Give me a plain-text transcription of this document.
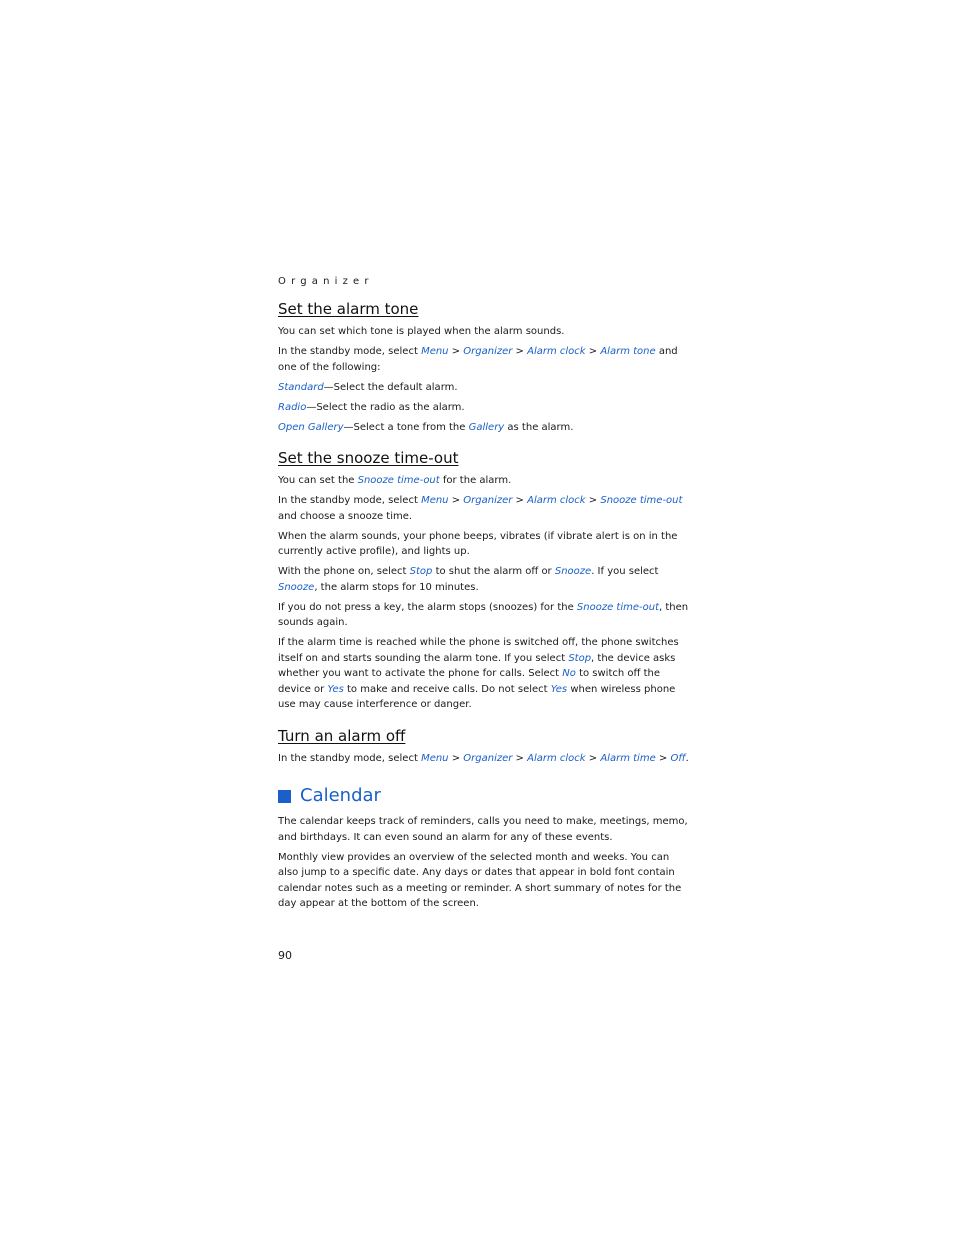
Organizer

Set the alarm tone

You can set which tone is played when the alarm sounds.

In the standby mode, select Menu > Organizer > Alarm clock > Alarm tone and
one of the following:

Standard—Select the default alarm.

Radio—Select the radio as the alarm.

Open Gallery—Select a tone from the Gallery as the alarm.

Set the snooze time-out

You can set the Snooze time-out for the alarm.

In the standby mode, select Menu > Organizer > Alarm clock > Snooze time-out
and choose a snooze time.

When the alarm sounds, your phone beeps, vibrates (if vibrate alert is on in the
currently active profile), and lights up.

With the phone on, select Stop to shut the alarm off or Snooze. If you select
Snooze, the alarm stops for 10 minutes.

If you do not press a key, the alarm stops (snoozes) for the Snooze time-out, then
sounds again.

If the alarm time is reached while the phone is switched off, the phone switches
itself on and starts sounding the alarm tone. If you select Stop, the device asks
whether you want to activate the phone for calls. Select No to switch off the
device or Yes to make and receive calls. Do not select Yes when wireless phone
use may cause interference or danger.

Turn an alarm off

In the standby mode, select Menu > Organizer > Alarm clock > Alarm time > Off.

Calendar

The calendar keeps track of reminders, calls you need to make, meetings, memo,
and birthdays. It can even sound an alarm for any of these events.

Monthly view provides an overview of the selected month and weeks. You can
also jump to a specific date. Any days or dates that appear in bold font contain
calendar notes such as a meeting or reminder. A short summary of notes for the
day appear at the bottom of the screen.

90
